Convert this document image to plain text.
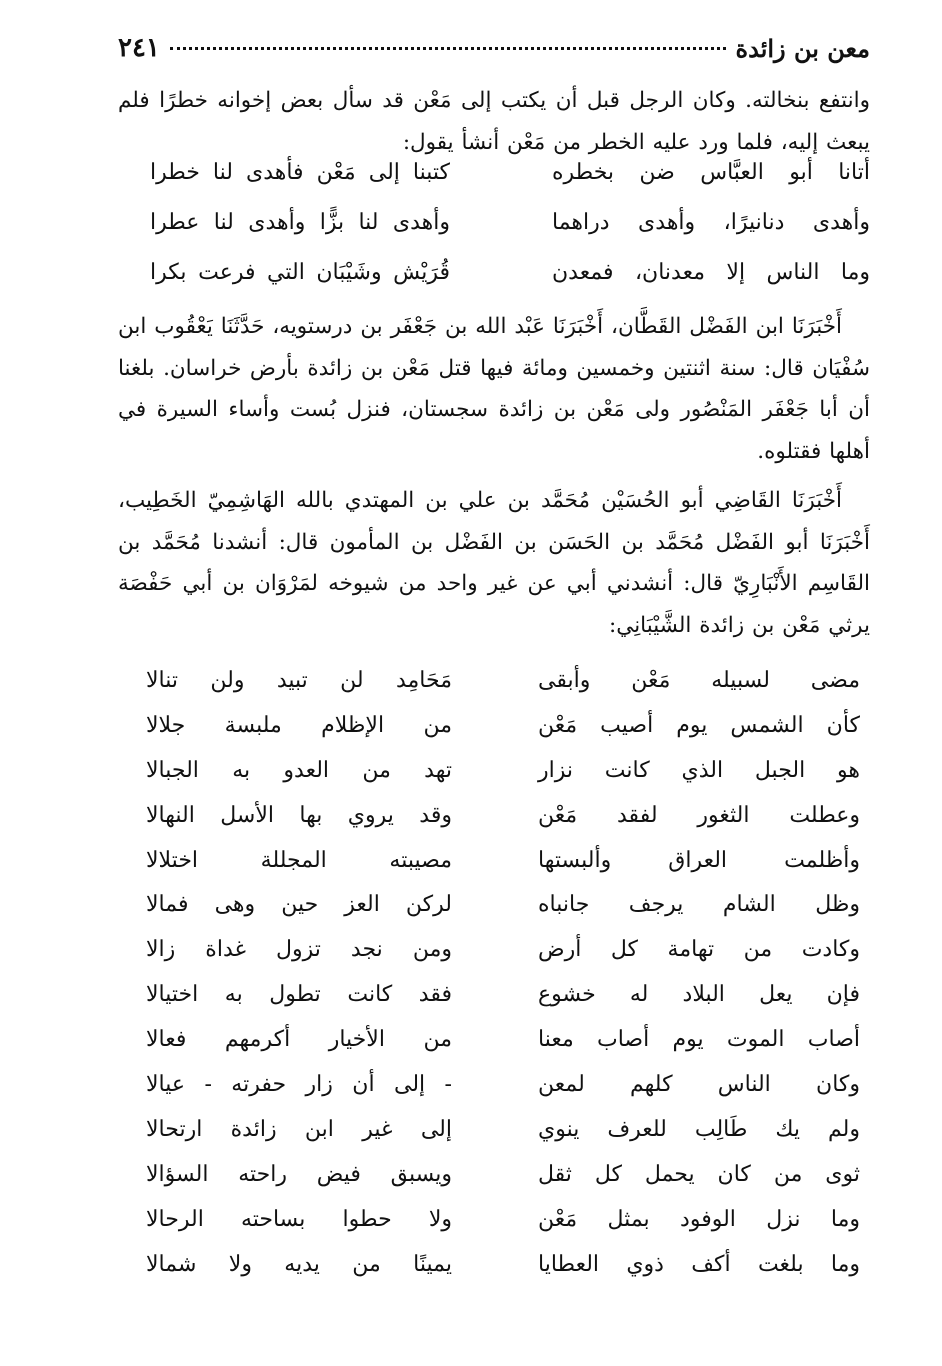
معن بن زائدة
٢٤١

وانتفع بنخالته. وكان الرجل قبل أن يكتب إلى مَعْن قد سأل بعض إخوانه خطرًا فلم يبعث إليه، فلما ورد عليه الخطر من مَعْن أنشأ يقول:

أتانا أبو العبَّاس ضن بخطره
كتبنا إلى مَعْن فأهدى لنا خطرا
وأهدى دنانيرًا، وأهدى دراهما
وأهدى لنا بزًّا وأهدى لنا عطرا
وما الناس إلا معدنان، فمعدن
قُرَيْش وشَيْبَان التي فرعت بكرا

أَخْبَرَنَا ابن الفَضْل القَطَّان، أَخْبَرَنَا عَبْد الله بن جَعْفَر بن درستويه، حَدَّثَنَا يَعْقُوب ابن سُفْيَان قال: سنة اثنتين وخمسين ومائة فيها قتل مَعْن بن زائدة بأرض خراسان. بلغنا أن أبا جَعْفَر المَنْصُور ولى مَعْن بن زائدة سجستان، فنزل بُست وأساء السيرة في أهلها فقتلوه.

أَخْبَرَنَا القَاضِي أبو الحُسَيْن مُحَمَّد بن علي بن المهتدي بالله الهَاشِمِيّ الخَطِيب، أَخْبَرَنَا أبو الفَضْل مُحَمَّد بن الحَسَن بن الفَضْل بن المأمون قال: أنشدنا مُحَمَّد بن القَاسِم الأَنْبَارِيّ قال: أنشدني أبي عن غير واحد من شيوخه لمَرْوَان بن أبي حَفْصَة يرثي مَعْن بن زائدة الشَّيْبَانِي:

مضى لسبيله مَعْن وأبقى
مَحَامِد لن تبيد ولن تنالا
كأن الشمس يوم أصيب مَعْن
من الإظلام ملبسة جلالا
هو الجبل الذي كانت نزار
تهد من العدو به الجبالا
وعطلت الثغور لفقد مَعْن
وقد يروي بها الأسل النهالا
وأظلمت العراق وألبستها
مصيبته المجللة اختلالا
وظل الشام يرجف جانباه
لركن العز حين وهى فمالا
وكادت من تهامة كل أرض
ومن نجد تزول غداة زالا
فإن يعل البلاد له خشوع
فقد كانت تطول به اختيالا
أصاب الموت يوم أصاب معنا
من الأخيار أكرمهم فعالا
وكان الناس كلهم لمعن
- إلى أن زار حفرته - عيالا
ولم يك طَالِب للعرف ينوي
إلى غير ابن زائدة ارتحالا
ثوى من كان يحمل كل ثقل
ويسبق فيض راحته السؤالا
وما نزل الوفود بمثل مَعْن
ولا حطوا بساحته الرحالا
وما بلغت أكف ذوي العطايا
يمينًا من يديه ولا شمالا
